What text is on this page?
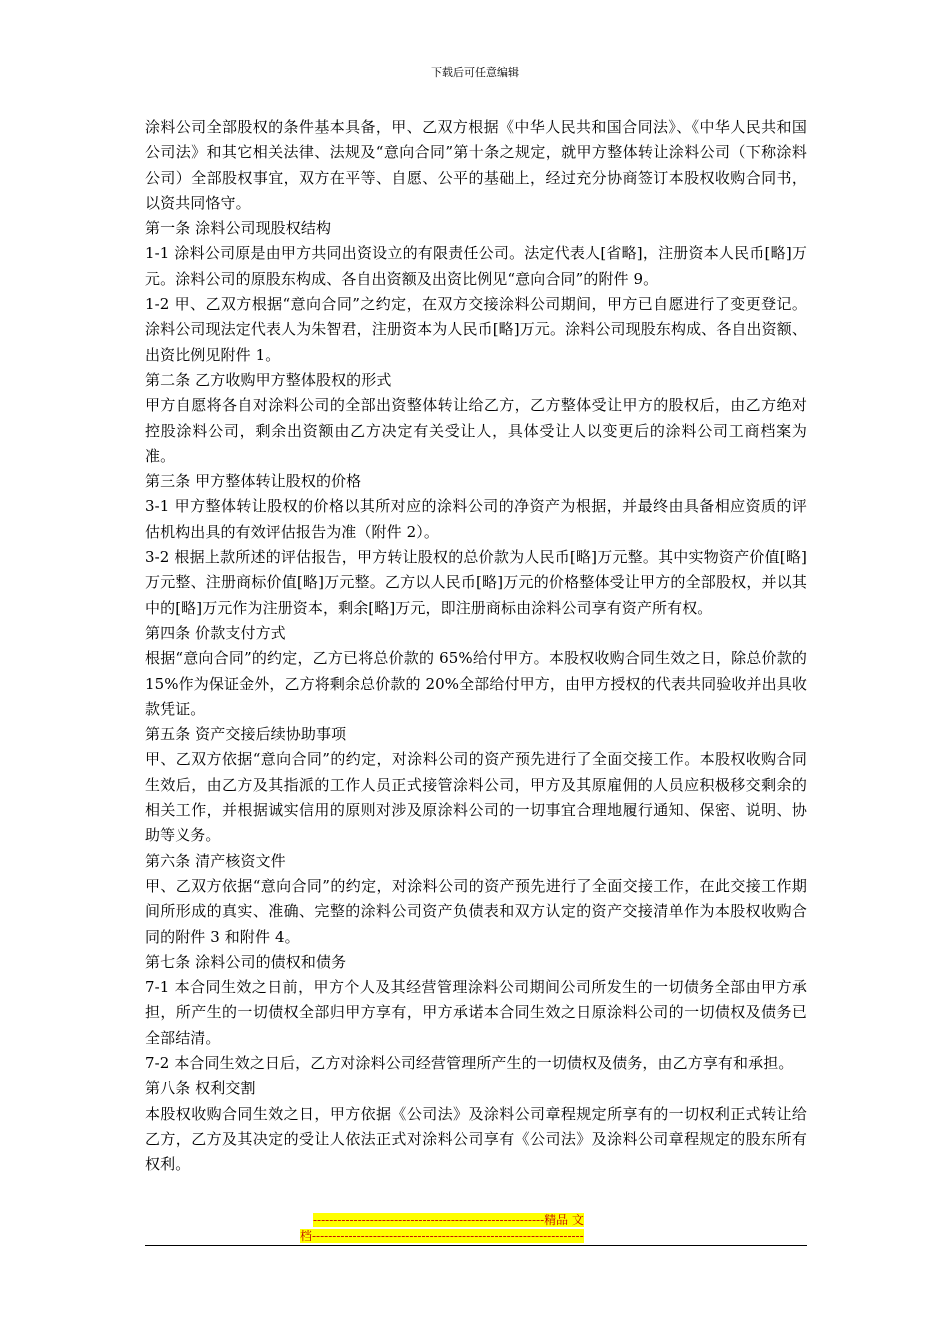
下载后可任意编辑

涂料公司全部股权的条件基本具备，甲、乙双方根据《中华人民共和国合同法》、《中华人民共和国公司法》和其它相关法律、法规及“意向合同”第十条之规定，就甲方整体转让涂料公司（下称涂料公司）全部股权事宜，双方在平等、自愿、公平的基础上，经过充分协商签订本股权收购合同书，以资共同恪守。

第一条 涂料公司现股权结构

1-1 涂料公司原是由甲方共同出资设立的有限责任公司。法定代表人[省略]，注册资本人民币[略]万元。涂料公司的原股东构成、各自出资额及出资比例见“意向合同”的附件 9。

1-2 甲、乙双方根据“意向合同”之约定，在双方交接涂料公司期间，甲方已自愿进行了变更登记。涂料公司现法定代表人为朱智君，注册资本为人民币[略]万元。涂料公司现股东构成、各自出资额、出资比例见附件 1。

第二条 乙方收购甲方整体股权的形式

甲方自愿将各自对涂料公司的全部出资整体转让给乙方，乙方整体受让甲方的股权后，由乙方绝对控股涂料公司，剩余出资额由乙方决定有关受让人，具体受让人以变更后的涂料公司工商档案为准。

第三条 甲方整体转让股权的价格

3-1 甲方整体转让股权的价格以其所对应的涂料公司的净资产为根据，并最终由具备相应资质的评估机构出具的有效评估报告为准（附件 2）。

3-2 根据上款所述的评估报告，甲方转让股权的总价款为人民币[略]万元整。其中实物资产价值[略]万元整、注册商标价值[略]万元整。乙方以人民币[略]万元的价格整体受让甲方的全部股权，并以其中的[略]万元作为注册资本，剩余[略]万元，即注册商标由涂料公司享有资产所有权。

第四条 价款支付方式

根据“意向合同”的约定，乙方已将总价款的 65%给付甲方。本股权收购合同生效之日，除总价款的 15%作为保证金外，乙方将剩余总价款的 20%全部给付甲方，由甲方授权的代表共同验收并出具收款凭证。

第五条 资产交接后续协助事项

甲、乙双方依据“意向合同”的约定，对涂料公司的资产预先进行了全面交接工作。本股权收购合同生效后，由乙方及其指派的工作人员正式接管涂料公司，甲方及其原雇佣的人员应积极移交剩余的相关工作，并根据诚实信用的原则对涉及原涂料公司的一切事宜合理地履行通知、保密、说明、协助等义务。

第六条 清产核资文件

甲、乙双方依据“意向合同”的约定，对涂料公司的资产预先进行了全面交接工作，在此交接工作期间所形成的真实、准确、完整的涂料公司资产负债表和双方认定的资产交接清单作为本股权收购合同的附件 3 和附件 4。

第七条 涂料公司的债权和债务

7-1 本合同生效之日前，甲方个人及其经营管理涂料公司期间公司所发生的一切债务全部由甲方承担，所产生的一切债权全部归甲方享有，甲方承诺本合同生效之日原涂料公司的一切债权及债务已全部结清。

7-2 本合同生效之日后，乙方对涂料公司经营管理所产生的一切债权及债务，由乙方享有和承担。

第八条 权利交割

本股权收购合同生效之日，甲方依据《公司法》及涂料公司章程规定所享有的一切权利正式转让给乙方，乙方及其决定的受让人依法正式对涂料公司享有《公司法》及涂料公司章程规定的股东所有权利。

---------------------------------------------------------精品 文
档-------------------------------------------------------------------
